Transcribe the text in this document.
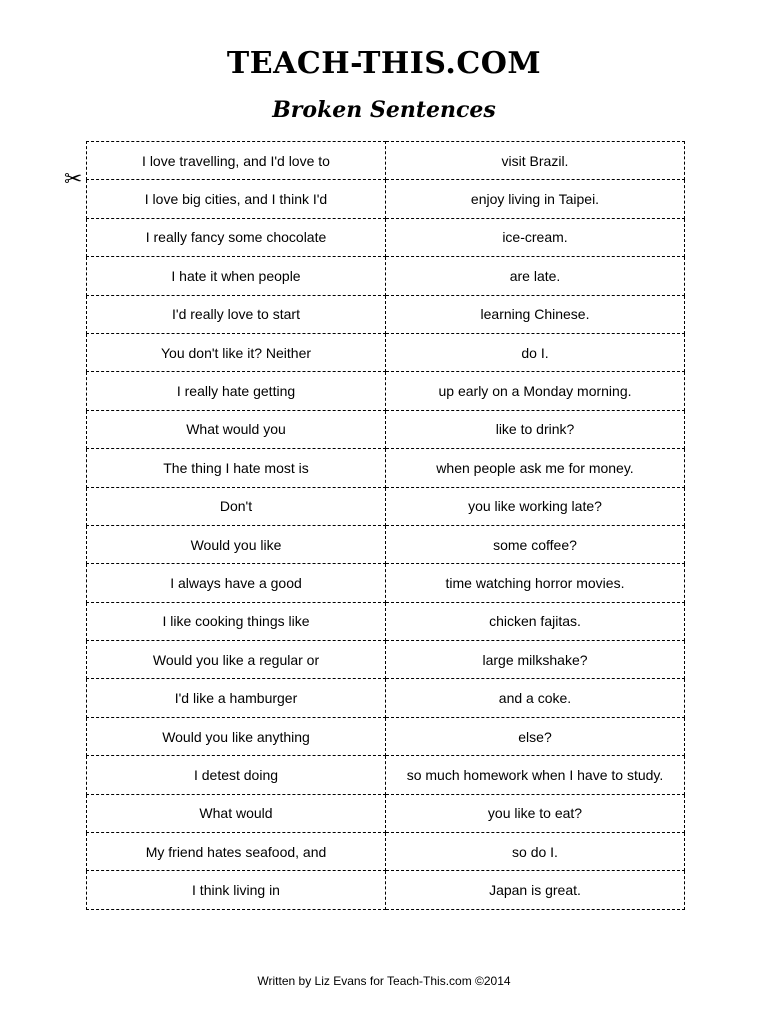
TEACH-THIS.COM
Broken Sentences
✂
I love travelling, and I'd love to	visit Brazil.
I love big cities, and I think I'd	enjoy living in Taipei.
I really fancy some chocolate	ice-cream.
I hate it when people	are late.
I'd really love to start	learning Chinese.
You don't like it? Neither	do I.
I really hate getting	up early on a Monday morning.
What would you	like to drink?
The thing I hate most is	when people ask me for money.
Don't	you like working late?
Would you like	some coffee?
I always have a good	time watching horror movies.
I like cooking things like	chicken fajitas.
Would you like a regular or	large milkshake?
I'd like a hamburger	and a coke.
Would you like anything	else?
I detest doing	so much homework when I have to study.
What would	you like to eat?
My friend hates seafood, and	so do I.
I think living in	Japan is great.
Written by Liz Evans for Teach-This.com ©2014
